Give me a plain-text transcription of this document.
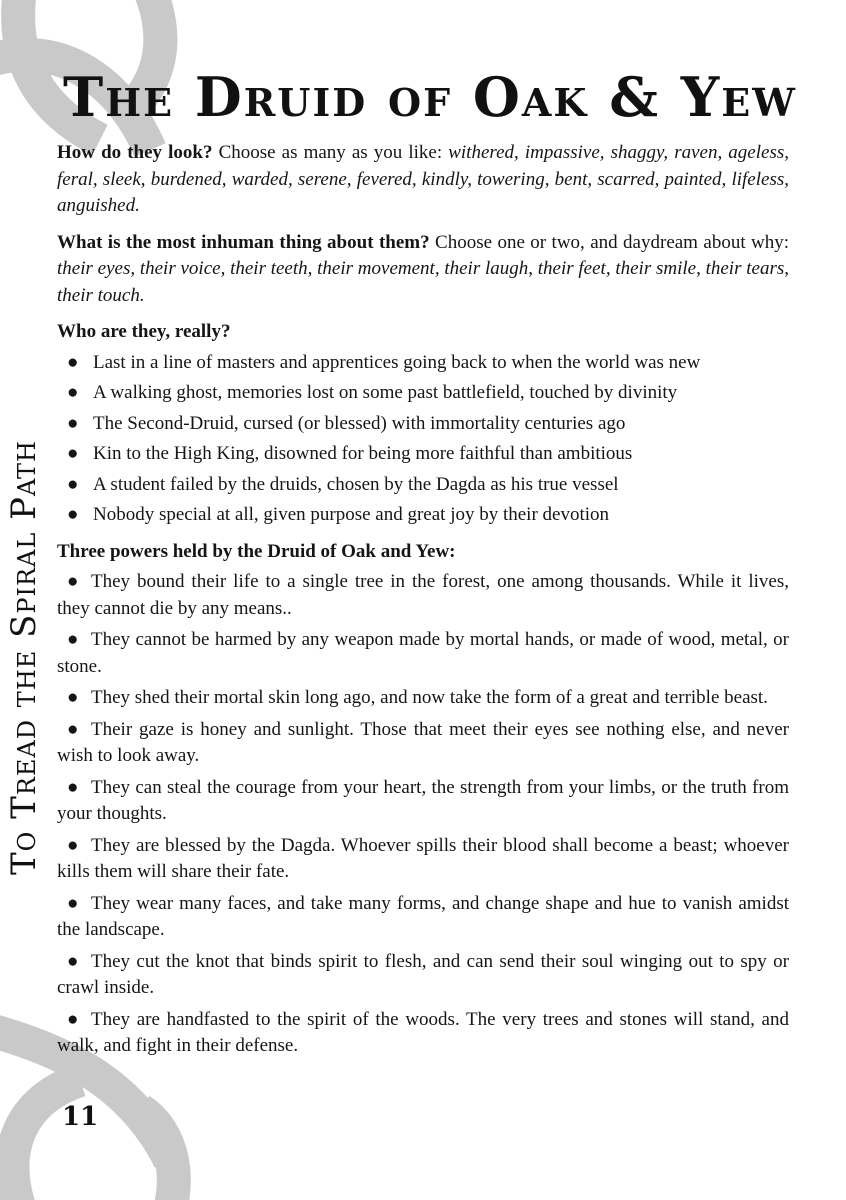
The Druid of Oak & Yew
To Tread the Spiral Path

How do they look? Choose as many as you like: withered, impassive, shaggy, raven, ageless, feral, sleek, burdened, warded, serene, fevered, kindly, towering, bent, scarred, painted, lifeless, anguished.

What is the most inhuman thing about them? Choose one or two, and daydream about why: their eyes, their voice, their teeth, their movement, their laugh, their feet, their smile, their tears, their touch.

Who are they, really?
● Last in a line of masters and apprentices going back to when the world was new
● A walking ghost, memories lost on some past battlefield, touched by divinity
● The Second-Druid, cursed (or blessed) with immortality centuries ago
● Kin to the High King, disowned for being more faithful than ambitious
● A student failed by the druids, chosen by the Dagda as his true vessel
● Nobody special at all, given purpose and great joy by their devotion
Three powers held by the Druid of Oak and Yew:
● They bound their life to a single tree in the forest, one among thousands. While it lives, they cannot die by any means..
● They cannot be harmed by any weapon made by mortal hands, or made of wood, metal, or stone.
● They shed their mortal skin long ago, and now take the form of a great and terrible beast.
● Their gaze is honey and sunlight. Those that meet their eyes see nothing else, and never wish to look away.
● They can steal the courage from your heart, the strength from your limbs, or the truth from your thoughts.
● They are blessed by the Dagda. Whoever spills their blood shall become a beast; whoever kills them will share their fate.
● They wear many faces, and take many forms, and change shape and hue to vanish amidst the landscape.
● They cut the knot that binds spirit to flesh, and can send their soul winging out to spy or crawl inside.
● They are handfasted to the spirit of the woods. The very trees and stones will stand, and walk, and fight in their defense.
11
